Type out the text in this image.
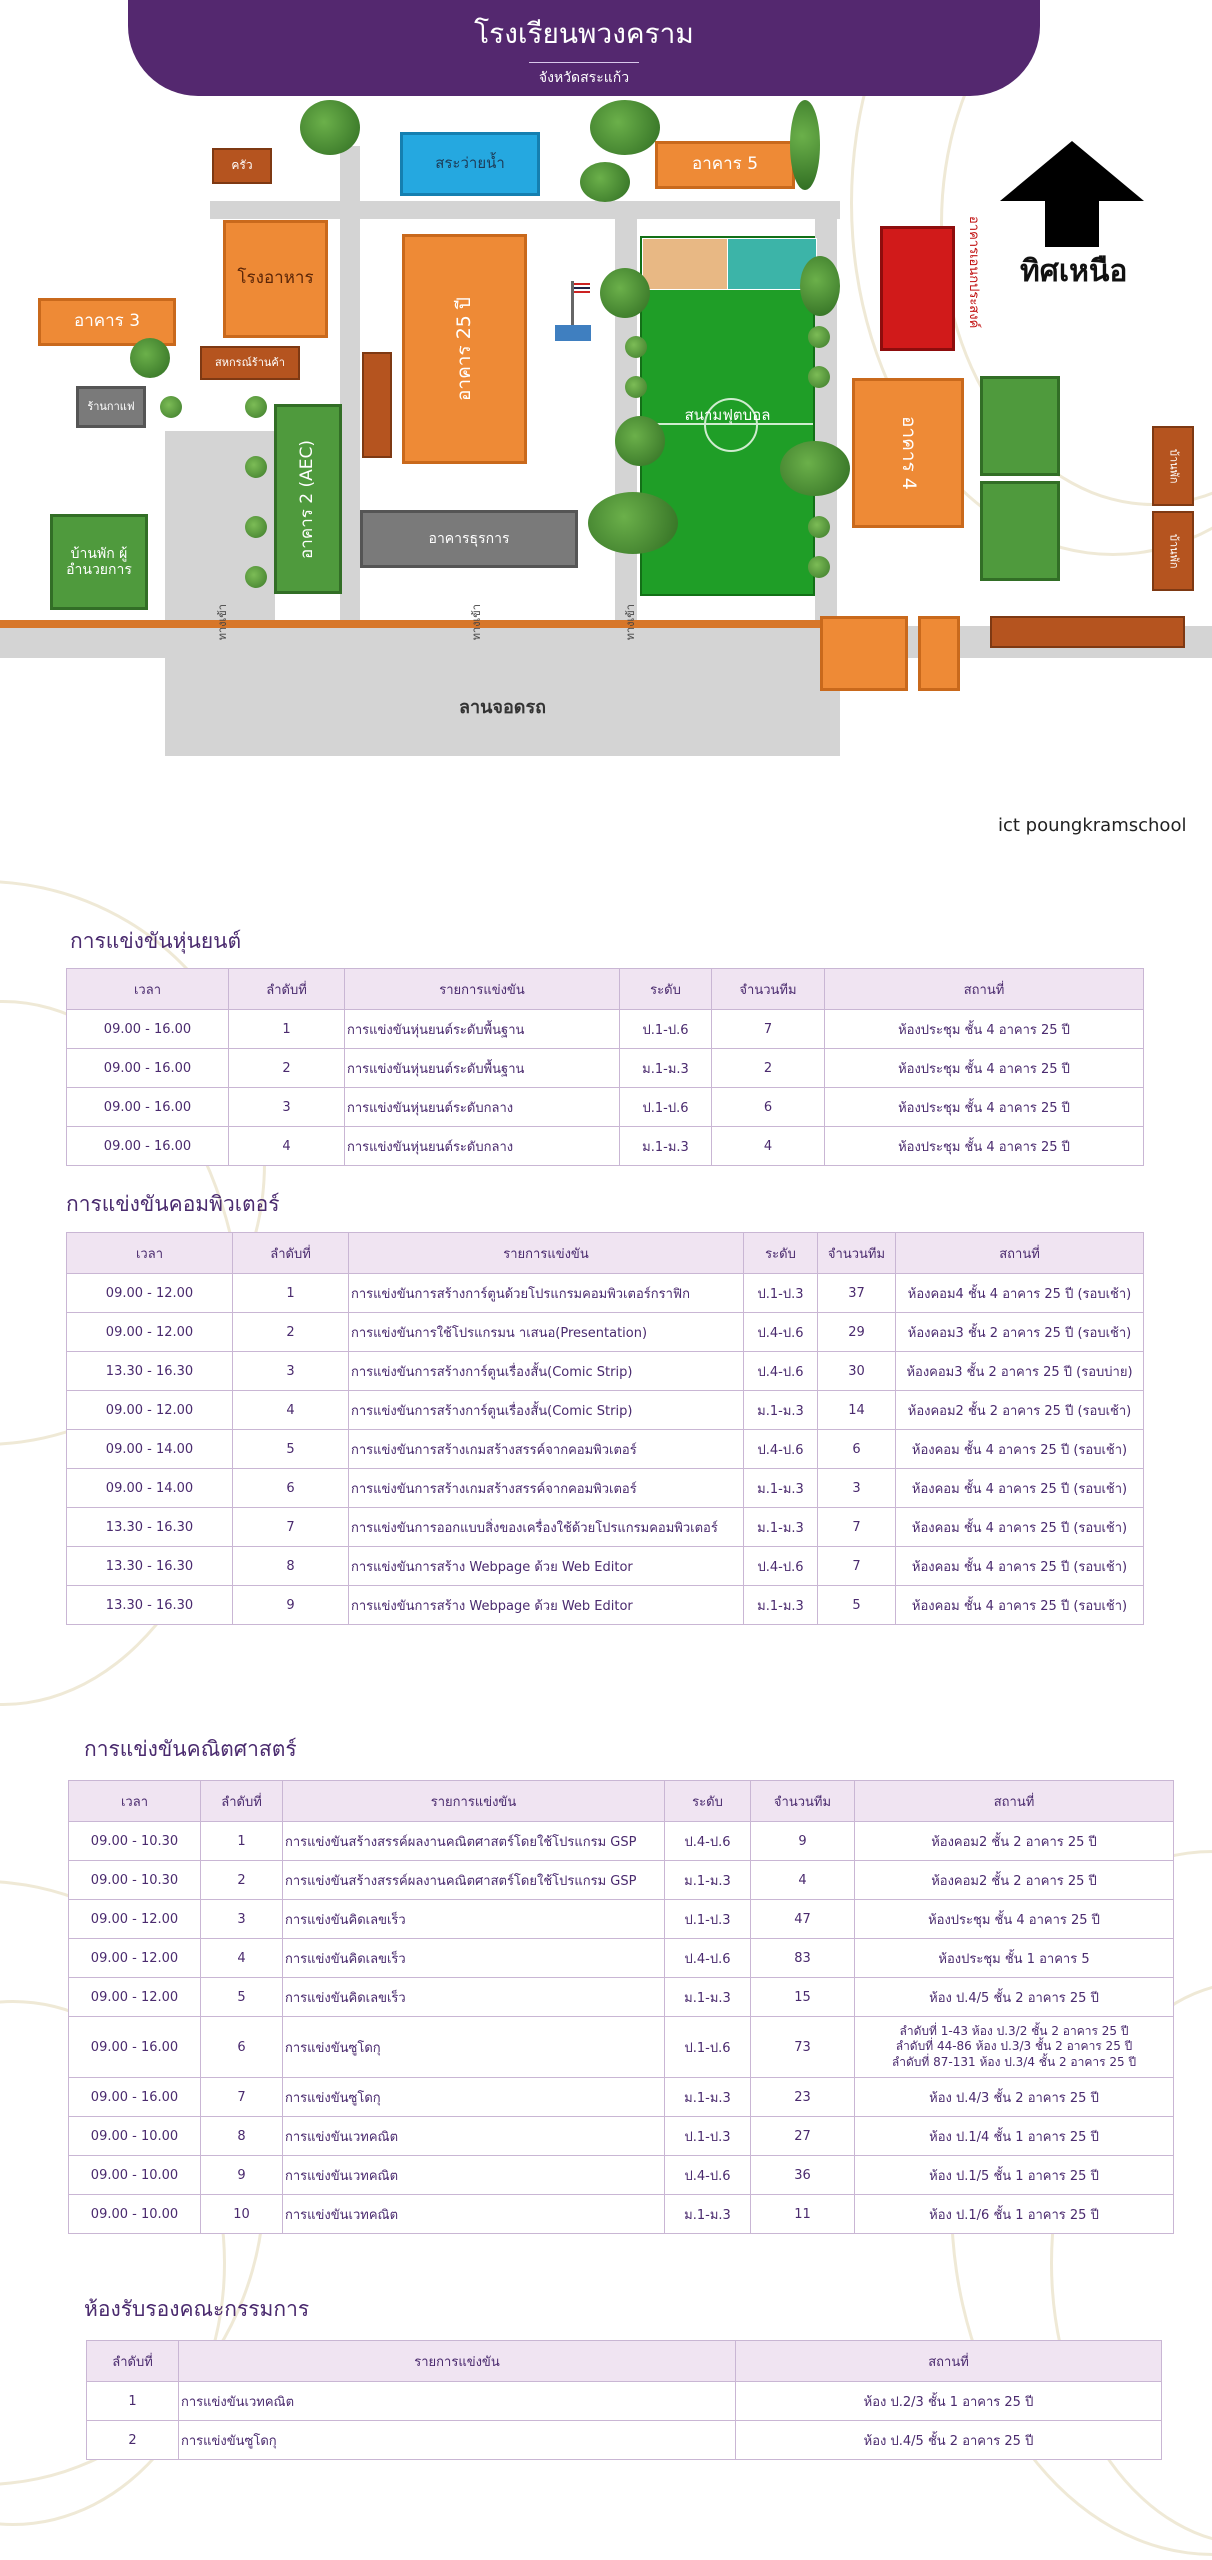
โรงเรียนพวงคราม
จังหวัดสระแก้ว
ลานจอดรถ
ครัว	สระว่ายน้ำ	อาคาร 5
โรงอาหาร
อาคาร 3
สหกรณ์ร้านค้า
ร้านกาแฟ
อาคาร 25 ปี
อาคาร 2 (AEC)
บ้านพัก ผู้อำนวยการ
อาคารธุรการ
สนามฟุตบอล
อาคารเอนกประสงค์
อาคาร 4	บ้านพัก
บ้านพัก
ทิศเหนือ
ทางเข้า	ทางเข้า	ทางเข้า
ict poungkramschool
การแข่งขันหุ่นยนต์
เวลา	ลำดับที่	รายการแข่งขัน	ระดับ	จำนวนทีม	สถานที่
09.00 - 16.00	1	การแข่งขันหุ่นยนต์ระดับพื้นฐาน	ป.1-ป.6	7	ห้องประชุม ชั้น 4 อาคาร 25 ปี
09.00 - 16.00	2	การแข่งขันหุ่นยนต์ระดับพื้นฐาน	ม.1-ม.3	2	ห้องประชุม ชั้น 4 อาคาร 25 ปี
09.00 - 16.00	3	การแข่งขันหุ่นยนต์ระดับกลาง	ป.1-ป.6	6	ห้องประชุม ชั้น 4 อาคาร 25 ปี
09.00 - 16.00	4	การแข่งขันหุ่นยนต์ระดับกลาง	ม.1-ม.3	4	ห้องประชุม ชั้น 4 อาคาร 25 ปี
การแข่งขันคอมพิวเตอร์
เวลา	ลำดับที่	รายการแข่งขัน	ระดับ	จำนวนทีม	สถานที่
09.00 - 12.00	1	การแข่งขันการสร้างการ์ตูนด้วยโปรแกรมคอมพิวเตอร์กราฟิก	ป.1-ป.3	37	ห้องคอม4 ชั้น 4 อาคาร 25 ปี (รอบเช้า)
09.00 - 12.00	2	การแข่งขันการใช้โปรแกรมน าเสนอ(Presentation)	ป.4-ป.6	29	ห้องคอม3 ชั้น 2 อาคาร 25 ปี (รอบเช้า)
13.30 - 16.30	3	การแข่งขันการสร้างการ์ตูนเรื่องสั้น(Comic Strip)	ป.4-ป.6	30	ห้องคอม3 ชั้น 2 อาคาร 25 ปี (รอบบ่าย)
09.00 - 12.00	4	การแข่งขันการสร้างการ์ตูนเรื่องสั้น(Comic Strip)	ม.1-ม.3	14	ห้องคอม2 ชั้น 2 อาคาร 25 ปี (รอบเช้า)
09.00 - 14.00	5	การแข่งขันการสร้างเกมสร้างสรรค์จากคอมพิวเตอร์	ป.4-ป.6	6	ห้องคอม ชั้น 4 อาคาร 25 ปี (รอบเช้า)
09.00 - 14.00	6	การแข่งขันการสร้างเกมสร้างสรรค์จากคอมพิวเตอร์	ม.1-ม.3	3	ห้องคอม ชั้น 4 อาคาร 25 ปี (รอบเช้า)
13.30 - 16.30	7	การแข่งขันการออกแบบสิ่งของเครื่องใช้ด้วยโปรแกรมคอมพิวเตอร์	ม.1-ม.3	7	ห้องคอม ชั้น 4 อาคาร 25 ปี (รอบเช้า)
13.30 - 16.30	8	การแข่งขันการสร้าง Webpage ด้วย Web Editor	ป.4-ป.6	7	ห้องคอม ชั้น 4 อาคาร 25 ปี (รอบเช้า)
13.30 - 16.30	9	การแข่งขันการสร้าง Webpage ด้วย Web Editor	ม.1-ม.3	5	ห้องคอม ชั้น 4 อาคาร 25 ปี (รอบเช้า)
การแข่งขันคณิตศาสตร์
เวลา	ลำดับที่	รายการแข่งขัน	ระดับ	จำนวนทีม	สถานที่
09.00 - 10.30	1	การแข่งขันสร้างสรรค์ผลงานคณิตศาสตร์โดยใช้โปรแกรม GSP	ป.4-ป.6	9	ห้องคอม2 ชั้น 2 อาคาร 25 ปี
09.00 - 10.30	2	การแข่งขันสร้างสรรค์ผลงานคณิตศาสตร์โดยใช้โปรแกรม GSP	ม.1-ม.3	4	ห้องคอม2 ชั้น 2 อาคาร 25 ปี
09.00 - 12.00	3	การแข่งขันคิดเลขเร็ว	ป.1-ป.3	47	ห้องประชุม ชั้น 4 อาคาร 25 ปี
09.00 - 12.00	4	การแข่งขันคิดเลขเร็ว	ป.4-ป.6	83	ห้องประชุม ชั้น 1 อาคาร 5
09.00 - 12.00	5	การแข่งขันคิดเลขเร็ว	ม.1-ม.3	15	ห้อง ป.4/5 ชั้น 2 อาคาร 25 ปี
09.00 - 16.00	6	การแข่งขันซูโดกุ	ป.1-ป.6	73	ลำดับที่ 1-43 ห้อง ป.3/2 ชั้น 2 อาคาร 25 ปี
ลำดับที่ 44-86 ห้อง ป.3/3 ชั้น 2 อาคาร 25 ปี
ลำดับที่ 87-131 ห้อง ป.3/4 ชั้น 2 อาคาร 25 ปี
09.00 - 16.00	7	การแข่งขันซูโดกุ	ม.1-ม.3	23	ห้อง ป.4/3 ชั้น 2 อาคาร 25 ปี
09.00 - 10.00	8	การแข่งขันเวทคณิต	ป.1-ป.3	27	ห้อง ป.1/4 ชั้น 1 อาคาร 25 ปี
09.00 - 10.00	9	การแข่งขันเวทคณิต	ป.4-ป.6	36	ห้อง ป.1/5 ชั้น 1 อาคาร 25 ปี
09.00 - 10.00	10	การแข่งขันเวทคณิต	ม.1-ม.3	11	ห้อง ป.1/6 ชั้น 1 อาคาร 25 ปี
ห้องรับรองคณะกรรมการ
ลำดับที่	รายการแข่งขัน	สถานที่
1	การแข่งขันเวทคณิต	ห้อง ป.2/3 ชั้น 1 อาคาร 25 ปี
2	การแข่งขันซูโดกุ	ห้อง ป.4/5 ชั้น 2 อาคาร 25 ปี
